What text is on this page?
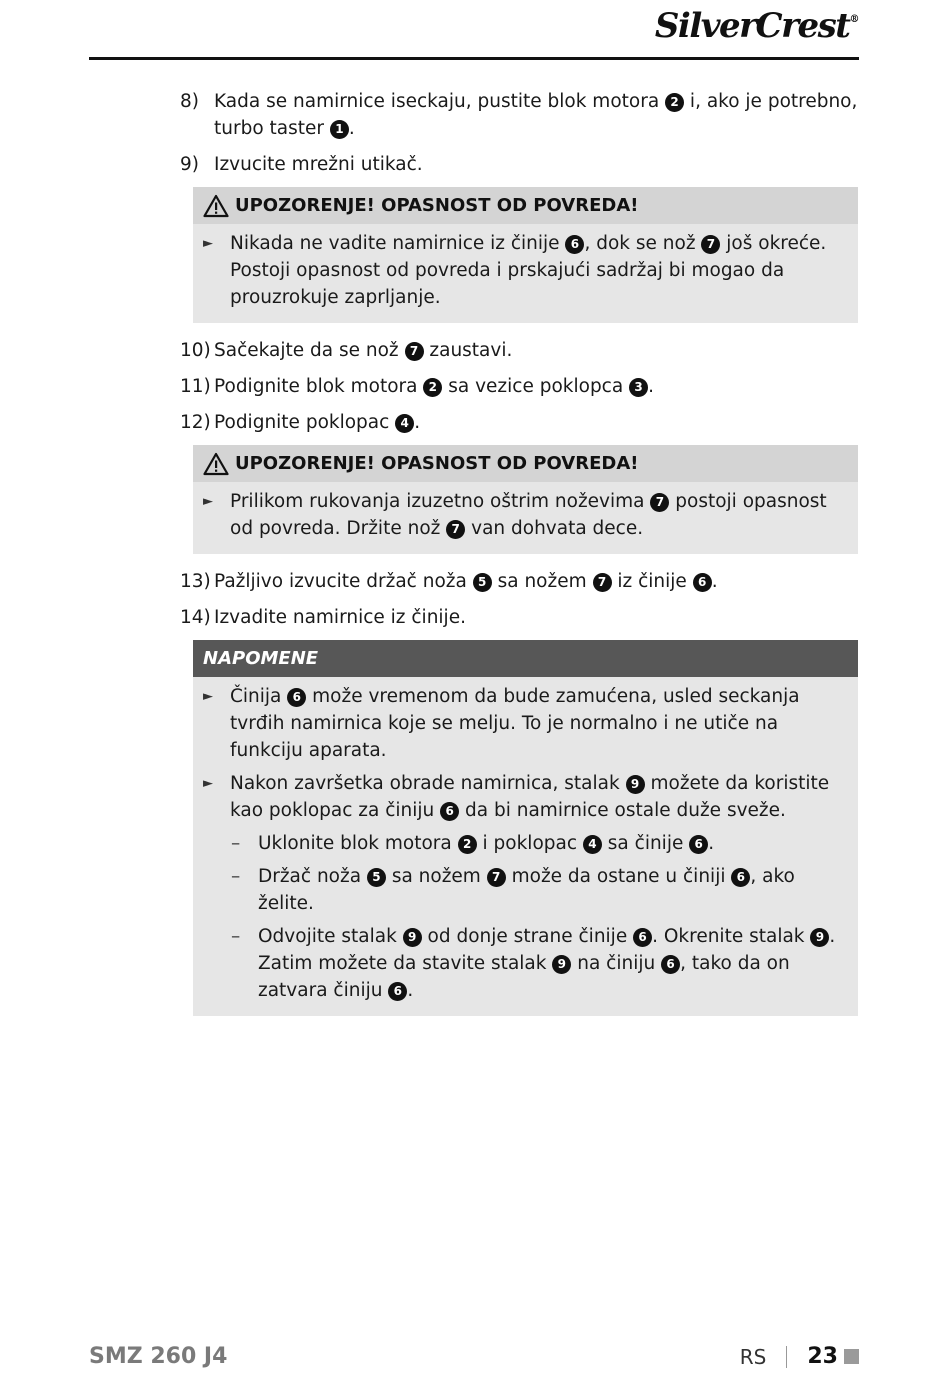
SilverCrest®
8) Kada se namirnice iseckaju, pustite blok motora 2 i, ako je potrebno, turbo taster 1 .
9) Izvucite mrežni utikač.
UPOZORENJE! OPASNOST OD POVREDA!
► Nikada ne vadite namirnice iz činije 6 , dok se nož 7 još okreće. Postoji opasnost od povreda i prskajući sadržaj bi mogao da prouzrokuje zaprljanje.
10) Sačekajte da se nož 7 zaustavi.
11) Podignite blok motora 2 sa vezice poklopca 3 .
12) Podignite poklopac 4 .
UPOZORENJE! OPASNOST OD POVREDA!
► Prilikom rukovanja izuzetno oštrim noževima 7 postoji opasnost od povreda. Držite nož 7 van dohvata dece.
13) Pažljivo izvucite držač noža 5 sa nožem 7 iz činije 6 .
14) Izvadite namirnice iz činije.
NAPOMENE
► Činija 6 može vremenom da bude zamućena, usled seckanja tvrđih namirnica koje se melju. To je normalno i ne utiče na funkciju aparata.
► Nakon završetka obrade namirnica, stalak 9 možete da koristite kao poklopac za činiju 6 da bi namirnice ostale duže sveže.
– Uklonite blok motora 2 i poklopac 4 sa činije 6 .
– Držač noža 5 sa nožem 7 može da ostane u činiji 6 , ako želite.
– Odvojite stalak 9 od donje strane činije 6 . Okrenite stalak 9 . Zatim možete da stavite stalak 9 na činiju 6 , tako da on zatvara činiju 6 .
SMZ 260 J4	RS 23
